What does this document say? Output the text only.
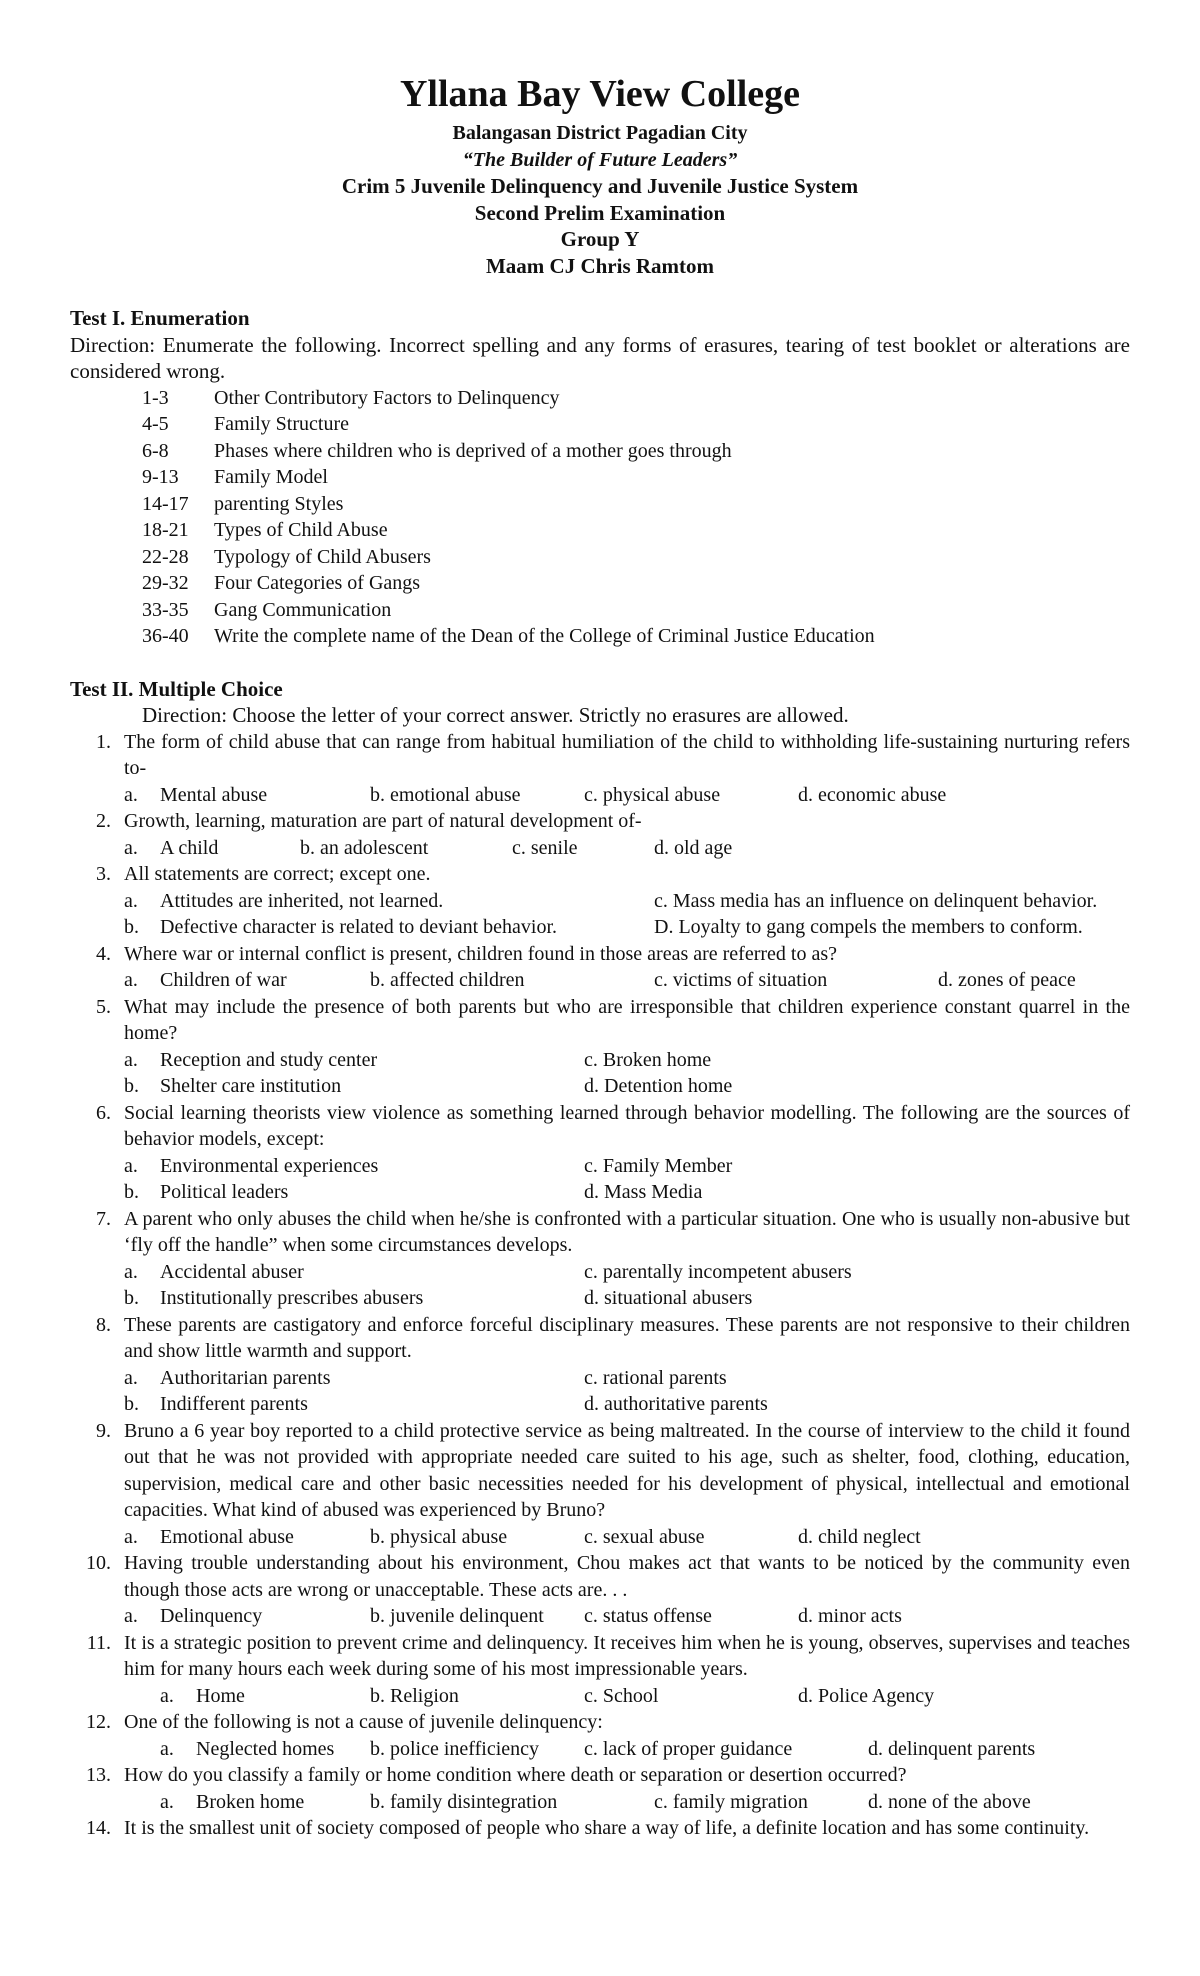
Yllana Bay View College
Balangasan District Pagadian City
“The Builder of Future Leaders”
Crim 5 Juvenile Delinquency and Juvenile Justice System
Second Prelim Examination
Group Y
Maam CJ Chris Ramtom
Test I. Enumeration
Direction: Enumerate the following. Incorrect spelling and any forms of erasures, tearing of test booklet or alterations are considered wrong.
1-3	Other Contributory Factors to Delinquency
4-5	Family Structure
6-8	Phases where children who is deprived of a mother goes through
9-13	Family Model
14-17	parenting Styles
18-21	Types of Child Abuse
22-28	Typology of Child Abusers
29-32	Four Categories of Gangs
33-35	Gang Communication
36-40	Write the complete name of the Dean of the College of Criminal Justice Education
Test II. Multiple Choice
Direction: Choose the letter of your correct answer. Strictly no erasures are allowed.
1. The form of child abuse that can range from habitual humiliation of the child to withholding life-sustaining nurturing refers to-
a.	Mental abuse	b. emotional abuse	c. physical abuse	d. economic abuse
2. Growth, learning, maturation are part of natural development of-
a.	A child	b. an adolescent	c. senile	d. old age
3. All statements are correct; except one.
a.	Attitudes are inherited, not learned.	c. Mass media has an influence on delinquent behavior.
b.	Defective character is related to deviant behavior.	D. Loyalty to gang compels the members to conform.
4. Where war or internal conflict is present, children found in those areas are referred to as?
a.	Children of war	b. affected children	c. victims of situation	d. zones of peace
5. What may include the presence of both parents but who are irresponsible that children experience constant quarrel in the home?
a.	Reception and study center	c. Broken home
b.	Shelter care institution	d. Detention home
6. Social learning theorists view violence as something learned through behavior modelling. The following are the sources of behavior models, except:
a.	Environmental experiences	c. Family Member
b.	Political leaders	d. Mass Media
7. A parent who only abuses the child when he/she is confronted with a particular situation. One who is usually non-abusive but ‘fly off the handle” when some circumstances develops.
a.	Accidental abuser	c. parentally incompetent abusers
b.	Institutionally prescribes abusers	d. situational abusers
8. These parents are castigatory and enforce forceful disciplinary measures. These parents are not responsive to their children and show little warmth and support.
a.	Authoritarian parents	c. rational parents
b.	Indifferent parents	d. authoritative parents
9. Bruno a 6 year boy reported to a child protective service as being maltreated. In the course of interview to the child it found out that he was not provided with appropriate needed care suited to his age, such as shelter, food, clothing, education, supervision, medical care and other basic necessities needed for his development of physical, intellectual and emotional capacities. What kind of abused was experienced by Bruno?
a.	Emotional abuse	b. physical abuse	c. sexual abuse	d. child neglect
10. Having trouble understanding about his environment, Chou makes act that wants to be noticed by the community even though those acts are wrong or unacceptable. These acts are. . .
a.	Delinquency	b. juvenile delinquent	c. status offense	d. minor acts
11. It is a strategic position to prevent crime and delinquency. It receives him when he is young, observes, supervises and teaches him for many hours each week during some of his most impressionable years.
a.	Home	b. Religion	c. School	d. Police Agency
12. One of the following is not a cause of juvenile delinquency:
a.	Neglected homes b. police inefficiency	c. lack of proper guidance	d. delinquent parents
13. How do you classify a family or home condition where death or separation or desertion occurred?
a.	Broken home	b. family disintegration	c. family migration	d. none of the above
14. It is the smallest unit of society composed of people who share a way of life, a definite location and has some continuity.
